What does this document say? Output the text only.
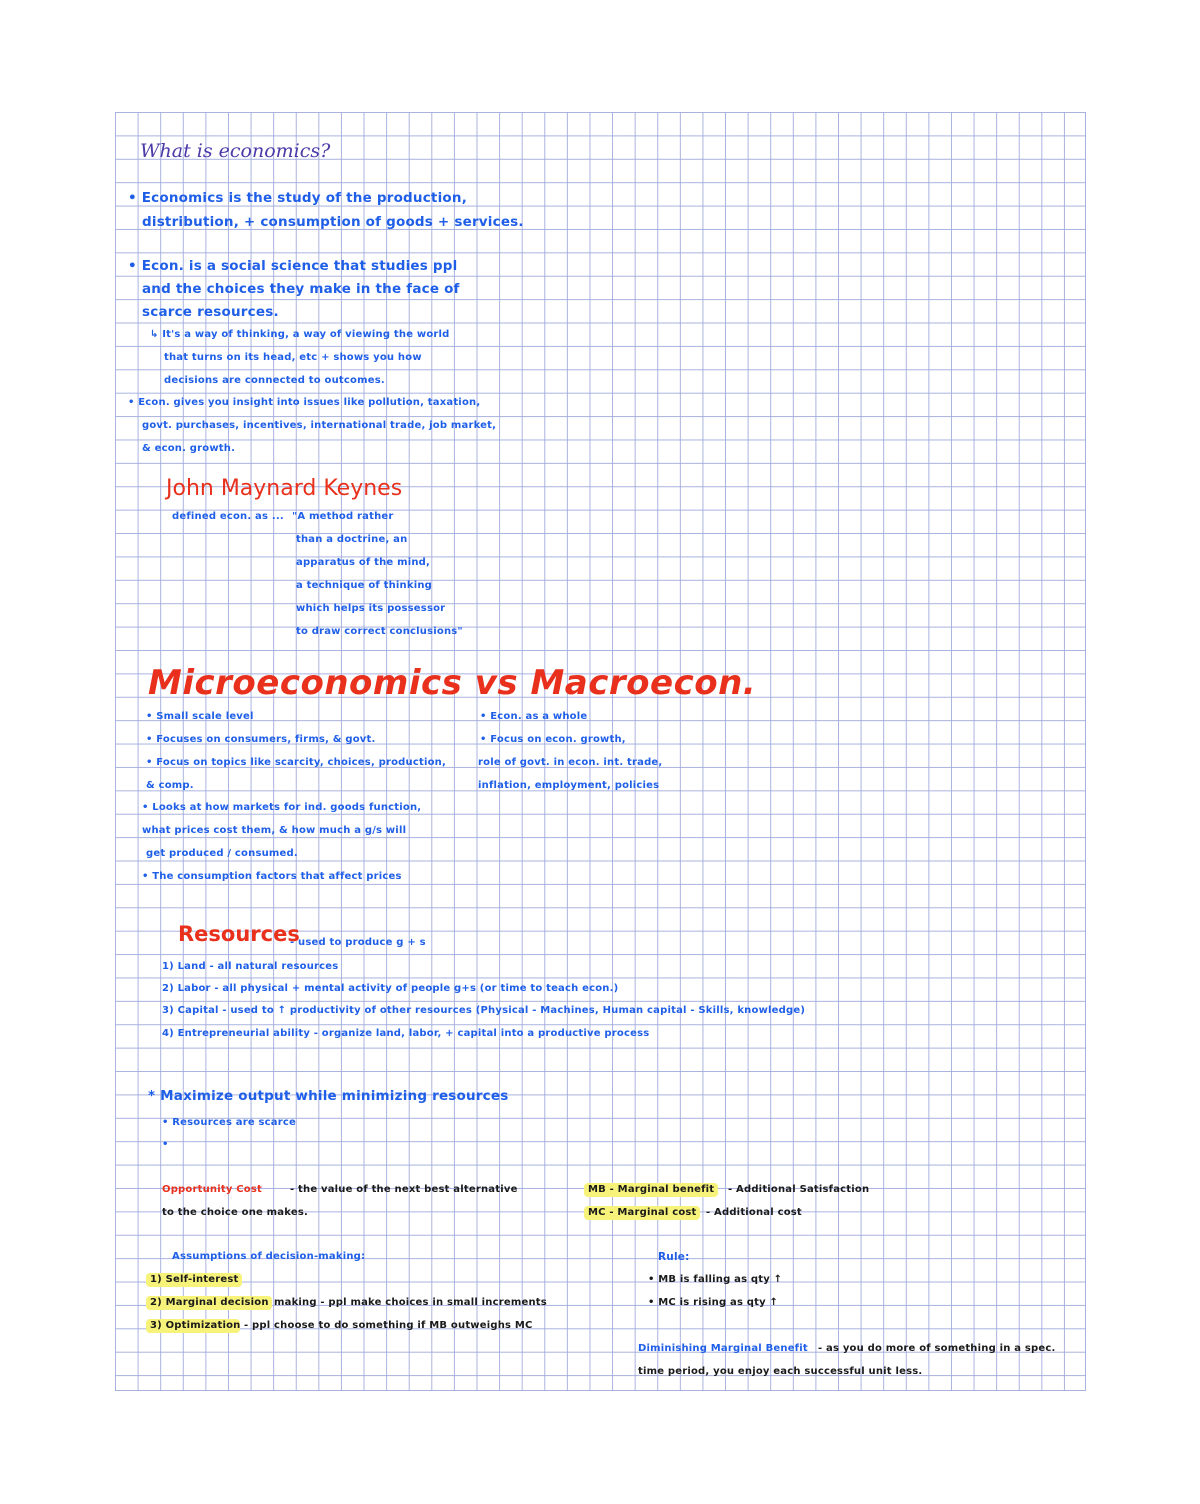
What is economics?
• Economics is the study of the production,
distribution, + consumption of goods + services.
• Econ. is a social science that studies ppl
and the choices they make in the face of
scarce resources.
↳ It's a way of thinking, a way of viewing the world
that turns on its head, etc + shows you how
decisions are connected to outcomes.
• Econ. gives you insight into issues like pollution, taxation,
govt. purchases, incentives, international trade, job market,
& econ. growth.
John Maynard Keynes
defined econ. as ... "A method rather
than a doctrine, an
apparatus of the mind,
a technique of thinking
which helps its possessor
to draw correct conclusions"
Microeconomics vs Macroecon.
• Small scale level
• Focuses on consumers, firms, & govt.
• Focus on topics like scarcity, choices, production,
& comp.
• Looks at how markets for ind. goods function,
what prices cost them, & how much a g/s will
get produced / consumed.
• The consumption factors that affect prices
• Econ. as a whole
• Focus on econ. growth,
role of govt. in econ. int. trade,
inflation, employment, policies
Resources
- used to produce g + s
1) Land - all natural resources
2) Labor - all physical + mental activity of people g+s (or time to teach econ.)
3) Capital - used to ↑ productivity of other resources (Physical - Machines, Human capital - Skills, knowledge)
4) Entrepreneurial ability - organize land, labor, + capital into a productive process
* Maximize output while minimizing resources
• Resources are scarce
•
Opportunity Cost	- the value of the next best alternative
to the choice one makes.
MB - Marginal benefit - Additional Satisfaction
MC - Marginal cost - Additional cost
Assumptions of decision-making:
1) Self-interest
2) Marginal decision making - ppl make choices in small increments
3) Optimization - ppl choose to do something if MB outweighs MC
Rule:
• MB is falling as qty ↑
• MC is rising as qty ↑
Diminishing Marginal Benefit - as you do more of something in a spec.
time period, you enjoy each successful unit less.
